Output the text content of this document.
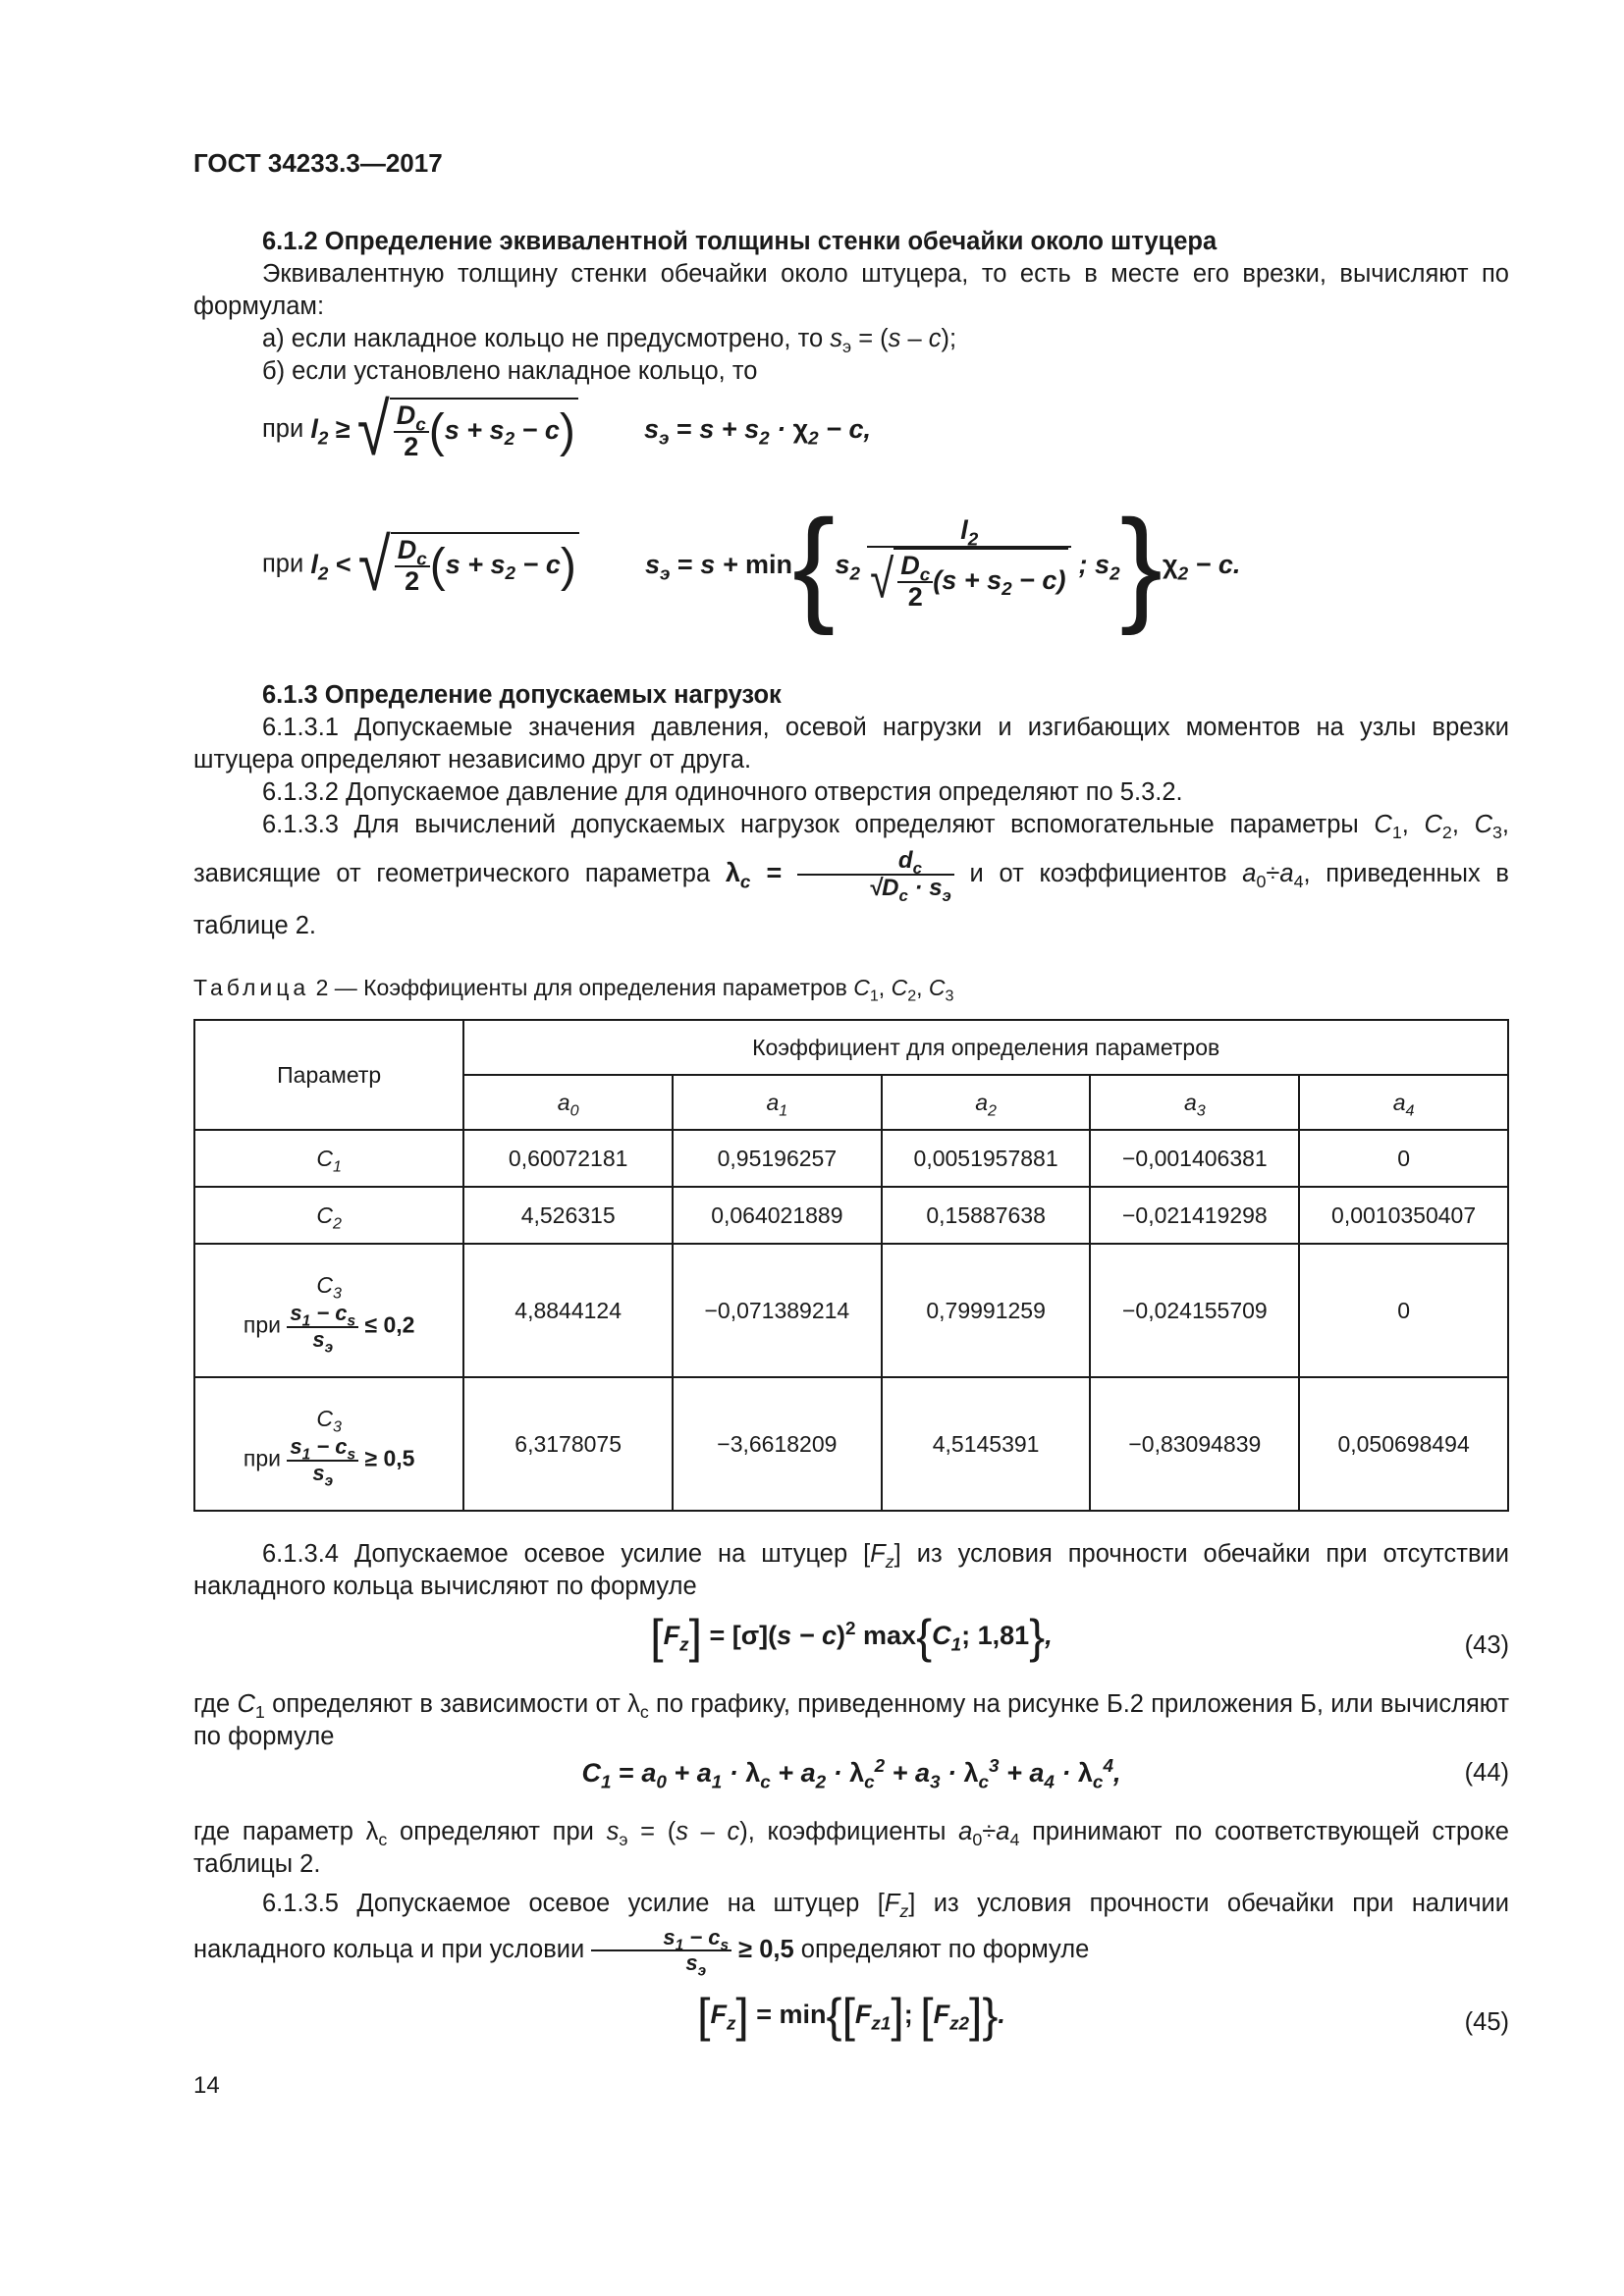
ГОСТ 34233.3—2017

6.1.2 Определение эквивалентной толщины стенки обечайки около штуцера

Эквивалентную толщину стенки обечайки около штуцера, то есть в месте его врезки, вычисляют по формулам:

а) если накладное кольцо не предусмотрено, то $s_э = (s - c)$;

б) если установлено накладное кольцо, то

при $l_2$ ≥ √ $\frac{D_c}{2} (s + s_2 - c)$	$s_э = s + s_2 \cdot \chi_2 - c$,
при $l_2$ < √ $\frac{D_c}{2} (s + s_2 - c)$	$s_э = s + \min\{s_2 \frac{l_2}{√ \frac{D_c}{2} (s + s_2 - c)}$ ; $s_2\}\chi_2 - c$.

6.1.3 Определение допускаемых нагрузок

6.1.3.1 Допускаемые значения давления, осевой нагрузки и изгибающих моментов на узлы врезки штуцера определяют независимо друг от друга.

6.1.3.2 Допускаемое давление для одиночного отверстия определяют по 5.3.2.

6.1.3.3 Для вычислений допускаемых нагрузок определяют вспомогательные параметры $C_1$, $C_2$, $C_3$, зависящие от геометрического параметра $\lambda_c = \frac{d_c}{√D_c \cdot s_э}$ и от коэффициентов $a_0\div a_4$, приведенных в таблице 2.

Таблица 2 — Коэффициенты для определения параметров $C_1$, $C_2$, $C_3$
Параметр	Коэффициент для определения параметров				
	$a_0$	$a_1$	$a_2$	$a_3$	$a_4$
$C_1$	0,60072181	0,95196257	0,0051957881	−0,001406381	0
$C_2$	4,526315	0,064021889	0,15887638	−0,021419298	0,0010350407

$C_3$
при $\frac{s_1 - c_s}{s_э} \le 0,2$	4,8844124	−0,071389214	0,79991259	−0,024155709	0

$C_3$
при $\frac{s_1 - c_s}{s_э} \ge 0,5$	6,3178075	−3,6618209	4,5145391	−0,83094839	0,050698494

6.1.3.4 Допускаемое осевое усилие на штуцер $[F_z]$ из условия прочности обечайки при отсутствии накладного кольца вычисляют по формуле

$[F_z] = [\sigma](s - c)^2$ $\max\{C_1$; 1,81},	(43)

где $C_1$ определяют в зависимости от $\lambda_c$ по графику, приведенному на рисунке Б.2 приложения Б, или вычисляют по формуле

$C_1 = a_0 + a_1 \cdot \lambda_c + a_2 \cdot \lambda_c^2 + a_3 \cdot \lambda_c^3 + a_4 \cdot \lambda_c^4$,	(44)

где параметр $\lambda_c$ определяют при $s_э = (s - c)$, коэффициенты $a_0\div a_4$ принимают по соответствующей строке таблицы 2.

6.1.3.5 Допускаемое осевое усилие на штуцер $[F_z]$ из условия прочности обечайки при наличии накладного кольца и при условии $\frac{s_1 - c_s}{s_э} \ge 0,5$ определяют по формуле

$[F_z] = \min\{[F_{z1}]$; $[F_{z2}]$}.	(45)
14
